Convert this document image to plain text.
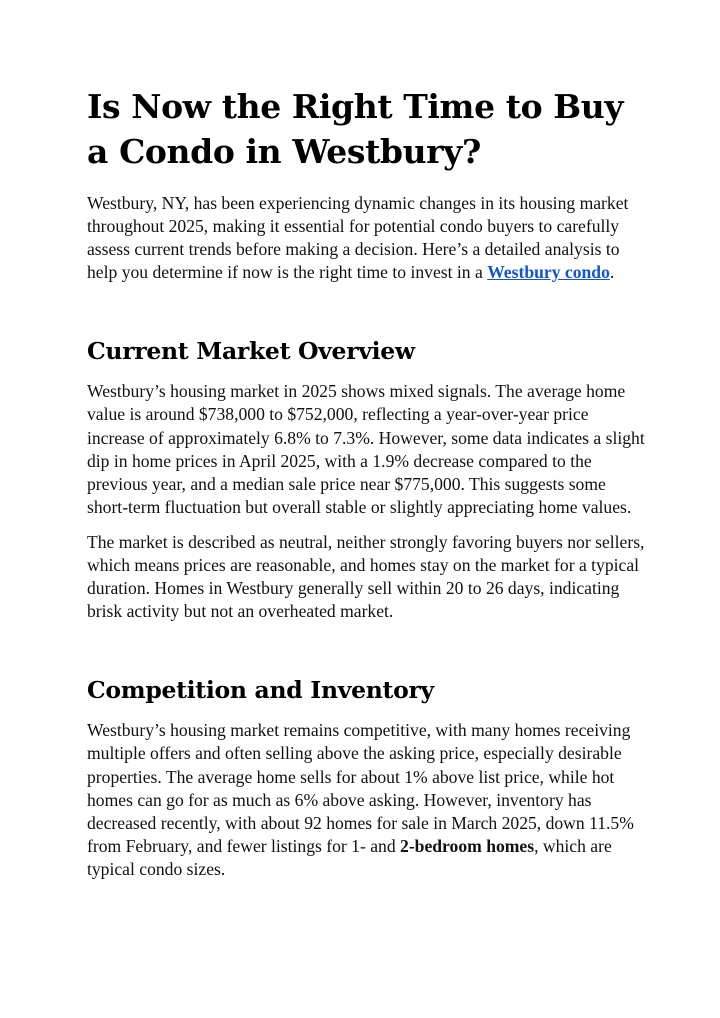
Is Now the Right Time to Buy a Condo in Westbury?

Westbury, NY, has been experiencing dynamic changes in its housing market throughout 2025, making it essential for potential condo buyers to carefully assess current trends before making a decision. Here’s a detailed analysis to help you determine if now is the right time to invest in a Westbury condo.

Current Market Overview

Westbury’s housing market in 2025 shows mixed signals. The average home value is around $738,000 to $752,000, reflecting a year-over-year price increase of approximately 6.8% to 7.3%. However, some data indicates a slight dip in home prices in April 2025, with a 1.9% decrease compared to the previous year, and a median sale price near $775,000. This suggests some short-term fluctuation but overall stable or slightly appreciating home values.

The market is described as neutral, neither strongly favoring buyers nor sellers, which means prices are reasonable, and homes stay on the market for a typical duration. Homes in Westbury generally sell within 20 to 26 days, indicating brisk activity but not an overheated market.

Competition and Inventory

Westbury’s housing market remains competitive, with many homes receiving multiple offers and often selling above the asking price, especially desirable properties. The average home sells for about 1% above list price, while hot homes can go for as much as 6% above asking. However, inventory has decreased recently, with about 92 homes for sale in March 2025, down 11.5% from February, and fewer listings for 1- and 2-bedroom homes, which are typical condo sizes.
